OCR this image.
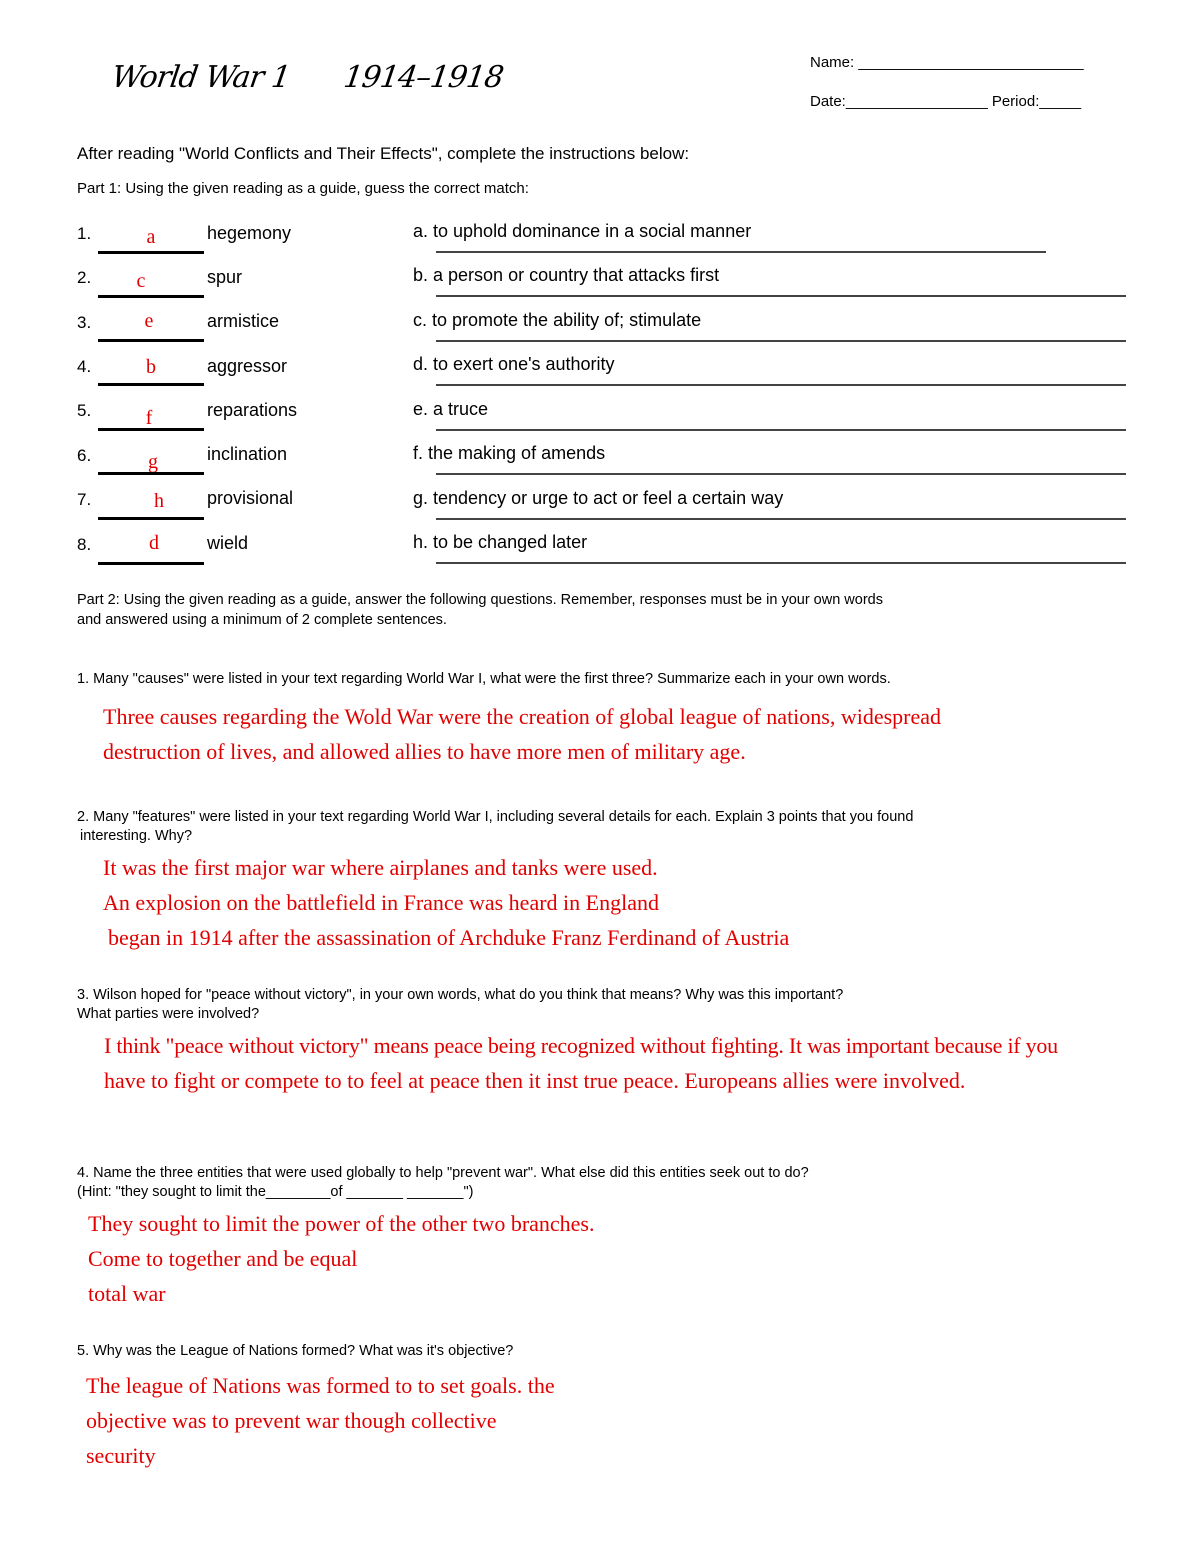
World War 1 1914–1918	Name: ___________________________
Date:_________________ Period:_____
After reading "World Conflicts and Their Effects", complete the instructions below:
Part 1: Using the given reading as a guide, guess the correct match:
1.	a	hegemony	a. to uphold dominance in a social manner
2.	c	spur	b. a person or country that attacks first
3.	e	armistice	c. to promote the ability of; stimulate
4.	b	aggressor	d. to exert one's authority
5.	f	reparations	e. a truce
6.	g	inclination	f. the making of amends
7.	h	provisional	g. tendency or urge to act or feel a certain way
8.	d	wield	h. to be changed later
Part 2: Using the given reading as a guide, answer the following questions. Remember, responses must be in your own words
and answered using a minimum of 2 complete sentences.
1. Many "causes" were listed in your text regarding World War I, what were the first three? Summarize each in your own words.
Three causes regarding the Wold War were the creation of global league of nations, widespread
destruction of lives, and allowed allies to have more men of military age.
2. Many "features" were listed in your text regarding World War I, including several details for each. Explain 3 points that you found
interesting. Why?
It was the first major war where airplanes and tanks were used.
An explosion on the battlefield in France was heard in England
began in 1914 after the assassination of Archduke Franz Ferdinand of Austria
3. Wilson hoped for "peace without victory", in your own words, what do you think that means? Why was this important?
What parties were involved?
I think "peace without victory" means peace being recognized without fighting. It was important because if you
have to fight or compete to to feel at peace then it inst true peace. Europeans allies were involved.
4. Name the three entities that were used globally to help "prevent war". What else did this entities seek out to do?
(Hint: "they sought to limit the________of _______ _______")
They sought to limit the power of the other two branches.
Come to together and be equal
total war
5. Why was the League of Nations formed? What was it's objective?
The league of Nations was formed to to set goals. the
objective was to prevent war though collective
security
